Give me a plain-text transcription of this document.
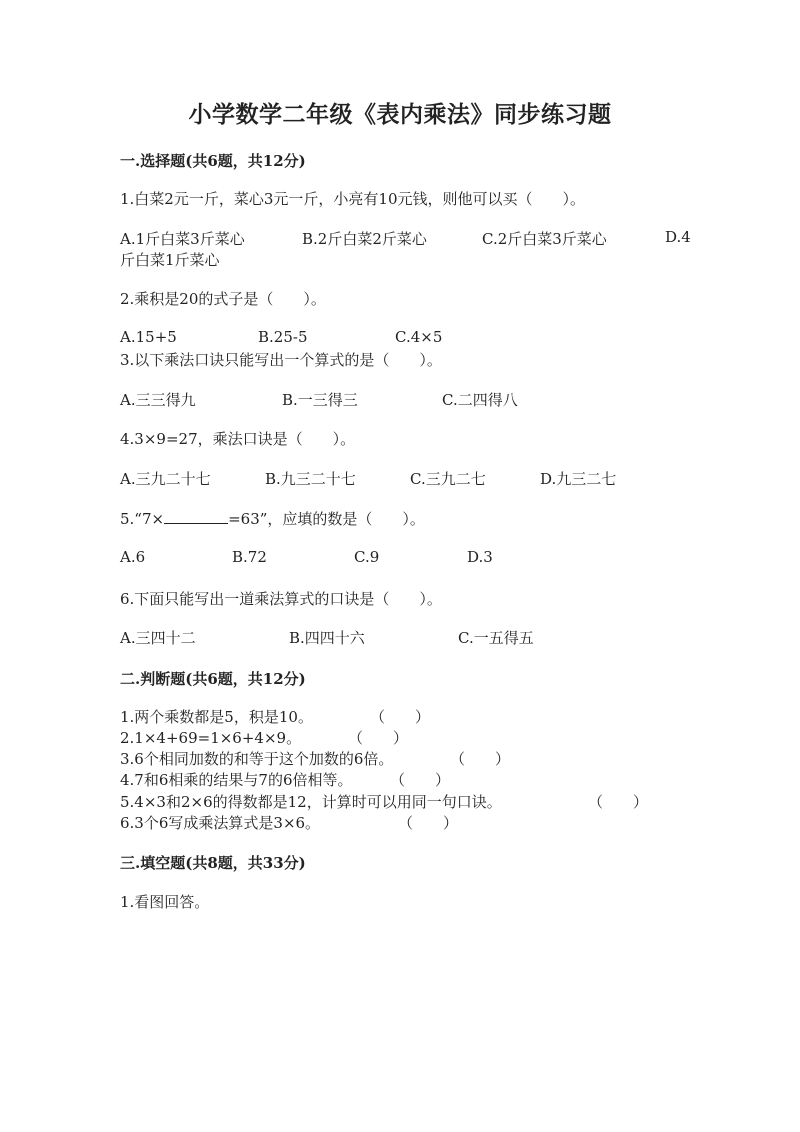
小学数学二年级《表内乘法》同步练习题
一.选择题(共6题，共12分)
1.白菜2元一斤，菜心3元一斤，小亮有10元钱，则他可以买（　　）。
A.1斤白菜3斤菜心	B.2斤白菜2斤菜心	C.2斤白菜3斤菜心	D.4
斤白菜1斤菜心
2.乘积是20的式子是（　　）。
A.15+5	B.25-5	C.4×5
3.以下乘法口诀只能写出一个算式的是（　　）。
A.三三得九	B.一三得三	C.二四得八
4.3×9=27，乘法口诀是（　　）。
A.三九二十七	B.九三二十七	C.三九二七	D.九三二七
5.“7×	=63”，应填的数是（　　）。
A.6	B.72	C.9	D.3
6.下面只能写出一道乘法算式的口诀是（　　）。
A.三四十二	B.四四十六	C.一五得五
二.判断题(共6题，共12分)
1.两个乘数都是5，积是10。	（　　）
2.1×4+69=1×6+4×9。	（　　）
3.6个相同加数的和等于这个加数的6倍。	（　　）
4.7和6相乘的结果与7的6倍相等。	（　　）
5.4×3和2×6的得数都是12，计算时可以用同一句口诀。	（　　）
6.3个6写成乘法算式是3×6。	（　　）
三.填空题(共8题，共33分)
1.看图回答。
